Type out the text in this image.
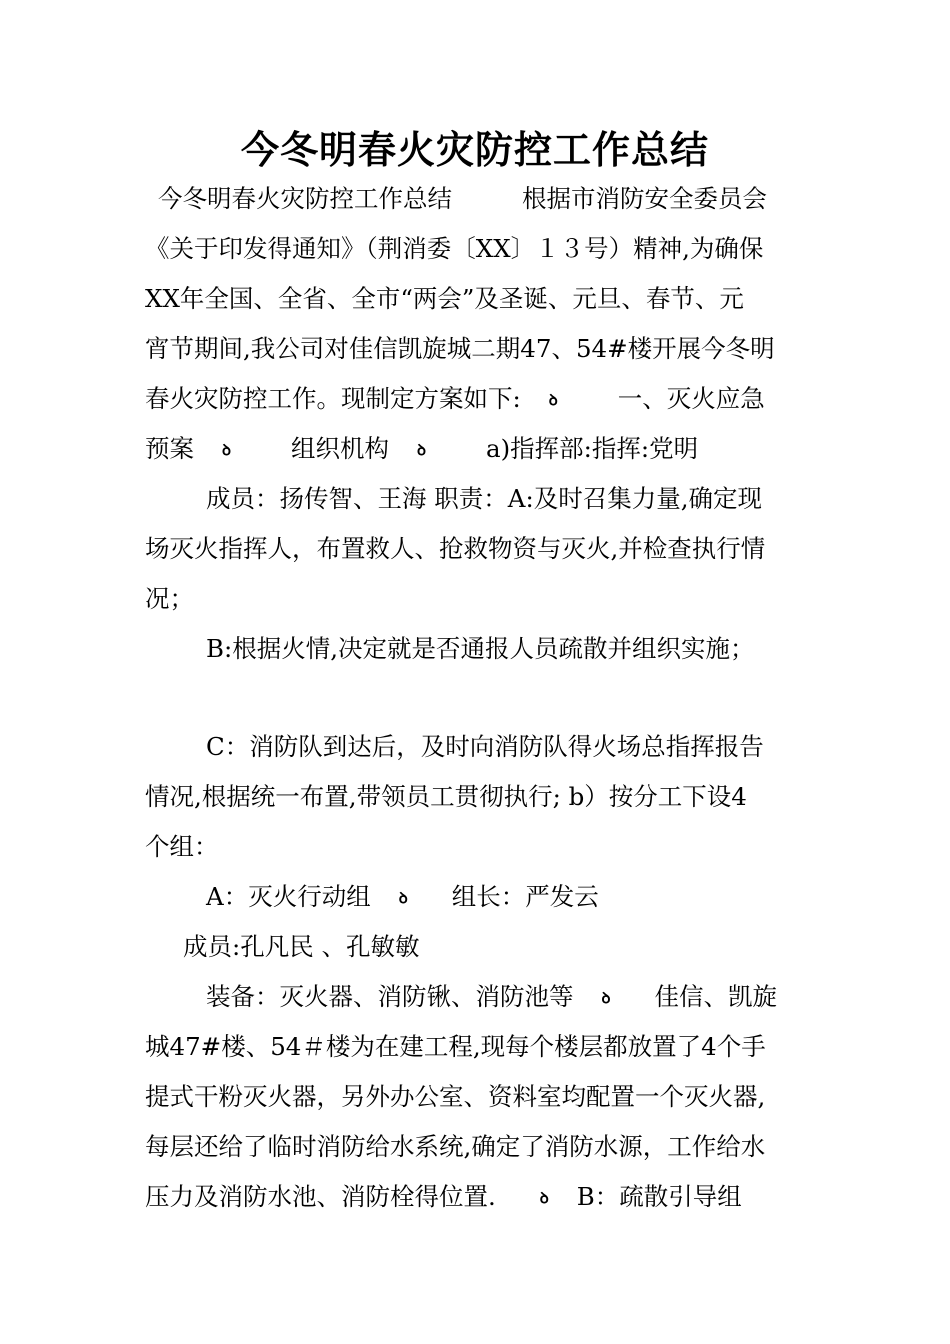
今冬明春火灾防控工作总结
今冬明春火灾防控工作总结	根据市消防安全委员会
《关于印发得通知》（荆消委〔XX〕１３号）精神,为确保
XX年全国、全省、全市“两会”及圣诞、元旦、春节、元
宵节期间,我公司对佳信凯旋城二期47、54#楼开展今冬明
春火灾防控工作。现制定方案如下: ꝺ 一、灭火应急
预案 ꝺ 组织机构 ꝺ a)指挥部:指挥:党明
成员：扬传智、王海 职责：A:及时召集力量,确定现
场灭火指挥人，布置救人、抢救物资与灭火,并检查执行情
况；
B:根据火情,决定就是否通报人员疏散并组织实施；
C：消防队到达后，及时向消防队得火场总指挥报告
情况,根据统一布置,带领员工贯彻执行; b）按分工下设4
个组：
A：灭火行动组 ꝺ 组长：严发云
成员:孔凡民 、孔敏敏
装备：灭火器、消防锹、消防池等 ꝺ 佳信、凯旋
城47#楼、54＃楼为在建工程,现每个楼层都放置了4个手
提式干粉灭火器，另外办公室、资料室均配置一个灭火器,
每层还给了临时消防给水系统,确定了消防水源，工作给水
压力及消防水池、消防栓得位置.	ꝺ B：疏散引导组
